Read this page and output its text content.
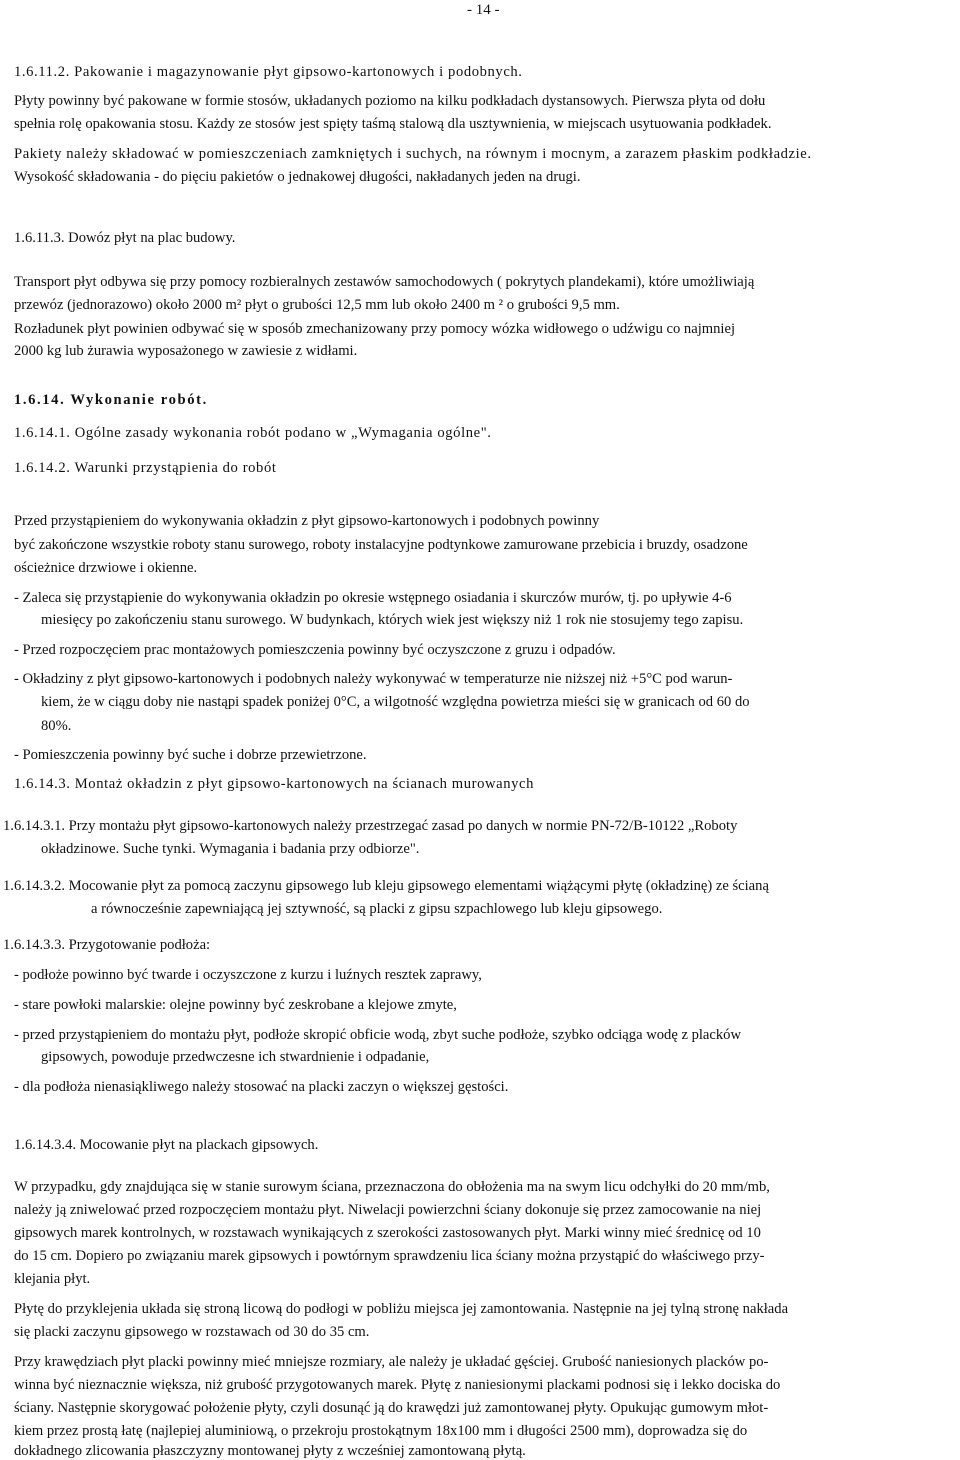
- 14 -
1.6.11.2. Pakowanie i magazynowanie płyt gipsowo-kartonowych i podobnych.
Płyty powinny być pakowane w formie stosów, układanych poziomo na kilku podkładach dystansowych. Pierwsza płyta od dołu
spełnia rolę opakowania stosu. Każdy ze stosów jest spięty taśmą stalową dla usztywnienia, w miejscach usytuowania podkładek.
Pakiety należy składować w pomieszczeniach zamkniętych i suchych, na równym i mocnym, a zarazem płaskim podkładzie.
Wysokość składowania - do pięciu pakietów o jednakowej długości, nakładanych jeden na drugi.
1.6.11.3. Dowóz płyt na plac budowy.
Transport płyt odbywa się przy pomocy rozbieralnych zestawów samochodowych ( pokrytych plandekami), które umożliwiają
przewóz (jednorazowo) około 2000 m² płyt o grubości 12,5 mm lub około 2400 m ² o grubości 9,5 mm.
Rozładunek płyt powinien odbywać się w sposób zmechanizowany przy pomocy wózka widłowego o udźwigu co najmniej
2000 kg lub żurawia wyposażonego w zawiesie z widłami.
1.6.14. Wykonanie robót.
1.6.14.1. Ogólne zasady wykonania robót podano w „Wymagania ogólne".
1.6.14.2. Warunki przystąpienia do robót
Przed przystąpieniem do wykonywania okładzin z płyt gipsowo-kartonowych i podobnych powinny
być zakończone wszystkie roboty stanu surowego, roboty instalacyjne podtynkowe zamurowane przebicia i bruzdy, osadzone
ościeżnice drzwiowe i okienne.
- Zaleca się przystąpienie do wykonywania okładzin po okresie wstępnego osiadania i skurczów murów, tj. po upływie 4-6
miesięcy po zakończeniu stanu surowego. W budynkach, których wiek jest większy niż 1 rok nie stosujemy tego zapisu.
- Przed rozpoczęciem prac montażowych pomieszczenia powinny być oczyszczone z gruzu i odpadów.
- Okładziny z płyt gipsowo-kartonowych i podobnych należy wykonywać w temperaturze nie niższej niż +5°C pod warun-
kiem, że w ciągu doby nie nastąpi spadek poniżej 0°C, a wilgotność względna powietrza mieści się w granicach od 60 do
80%.
- Pomieszczenia powinny być suche i dobrze przewietrzone.
1.6.14.3. Montaż okładzin z płyt gipsowo-kartonowych na ścianach murowanych
1.6.14.3.1. Przy montażu płyt gipsowo-kartonowych należy przestrzegać zasad po danych w normie PN-72/B-10122 „Roboty
okładzinowe. Suche tynki. Wymagania i badania przy odbiorze".
1.6.14.3.2. Mocowanie płyt za pomocą zaczynu gipsowego lub kleju gipsowego elementami wiążącymi płytę (okładzinę) ze ścianą
a równocześnie zapewniającą jej sztywność, są placki z gipsu szpachlowego lub kleju gipsowego.
1.6.14.3.3. Przygotowanie podłoża:
- podłoże powinno być twarde i oczyszczone z kurzu i luźnych resztek zaprawy,
- stare powłoki malarskie: olejne powinny być zeskrobane a klejowe zmyte,
- przed przystąpieniem do montażu płyt, podłoże skropić obficie wodą, zbyt suche podłoże, szybko odciąga wodę z placków
gipsowych, powoduje przedwczesne ich stwardnienie i odpadanie,
- dla podłoża nienasiąkliwego należy stosować na placki zaczyn o większej gęstości.
1.6.14.3.4. Mocowanie płyt na plackach gipsowych.
W przypadku, gdy znajdująca się w stanie surowym ściana, przeznaczona do obłożenia ma na swym licu odchyłki do 20 mm/mb,
należy ją zniwelować przed rozpoczęciem montażu płyt. Niwelacji powierzchni ściany dokonuje się przez zamocowanie na niej
gipsowych marek kontrolnych, w rozstawach wynikających z szerokości zastosowanych płyt. Marki winny mieć średnicę od 10
do 15 cm. Dopiero po związaniu marek gipsowych i powtórnym sprawdzeniu lica ściany można przystąpić do właściwego przy-
klejania płyt.
Płytę do przyklejenia układa się stroną licową do podłogi w pobliżu miejsca jej zamontowania. Następnie na jej tylną stronę nakłada
się placki zaczynu gipsowego w rozstawach od 30 do 35 cm.
Przy krawędziach płyt placki powinny mieć mniejsze rozmiary, ale należy je układać gęściej. Grubość naniesionych placków po-
winna być nieznacznie większa, niż grubość przygotowanych marek. Płytę z naniesionymi plackami podnosi się i lekko dociska do
ściany. Następnie skorygować położenie płyty, czyli dosunąć ją do krawędzi już zamontowanej płyty. Opukując gumowym młot-
kiem przez prostą łatę (najlepiej aluminiową, o przekroju prostokątnym 18x100 mm i długości 2500 mm), doprowadza się do
dokładnego zlicowania płaszczyzny montowanej płyty z wcześniej zamontowaną płytą.
